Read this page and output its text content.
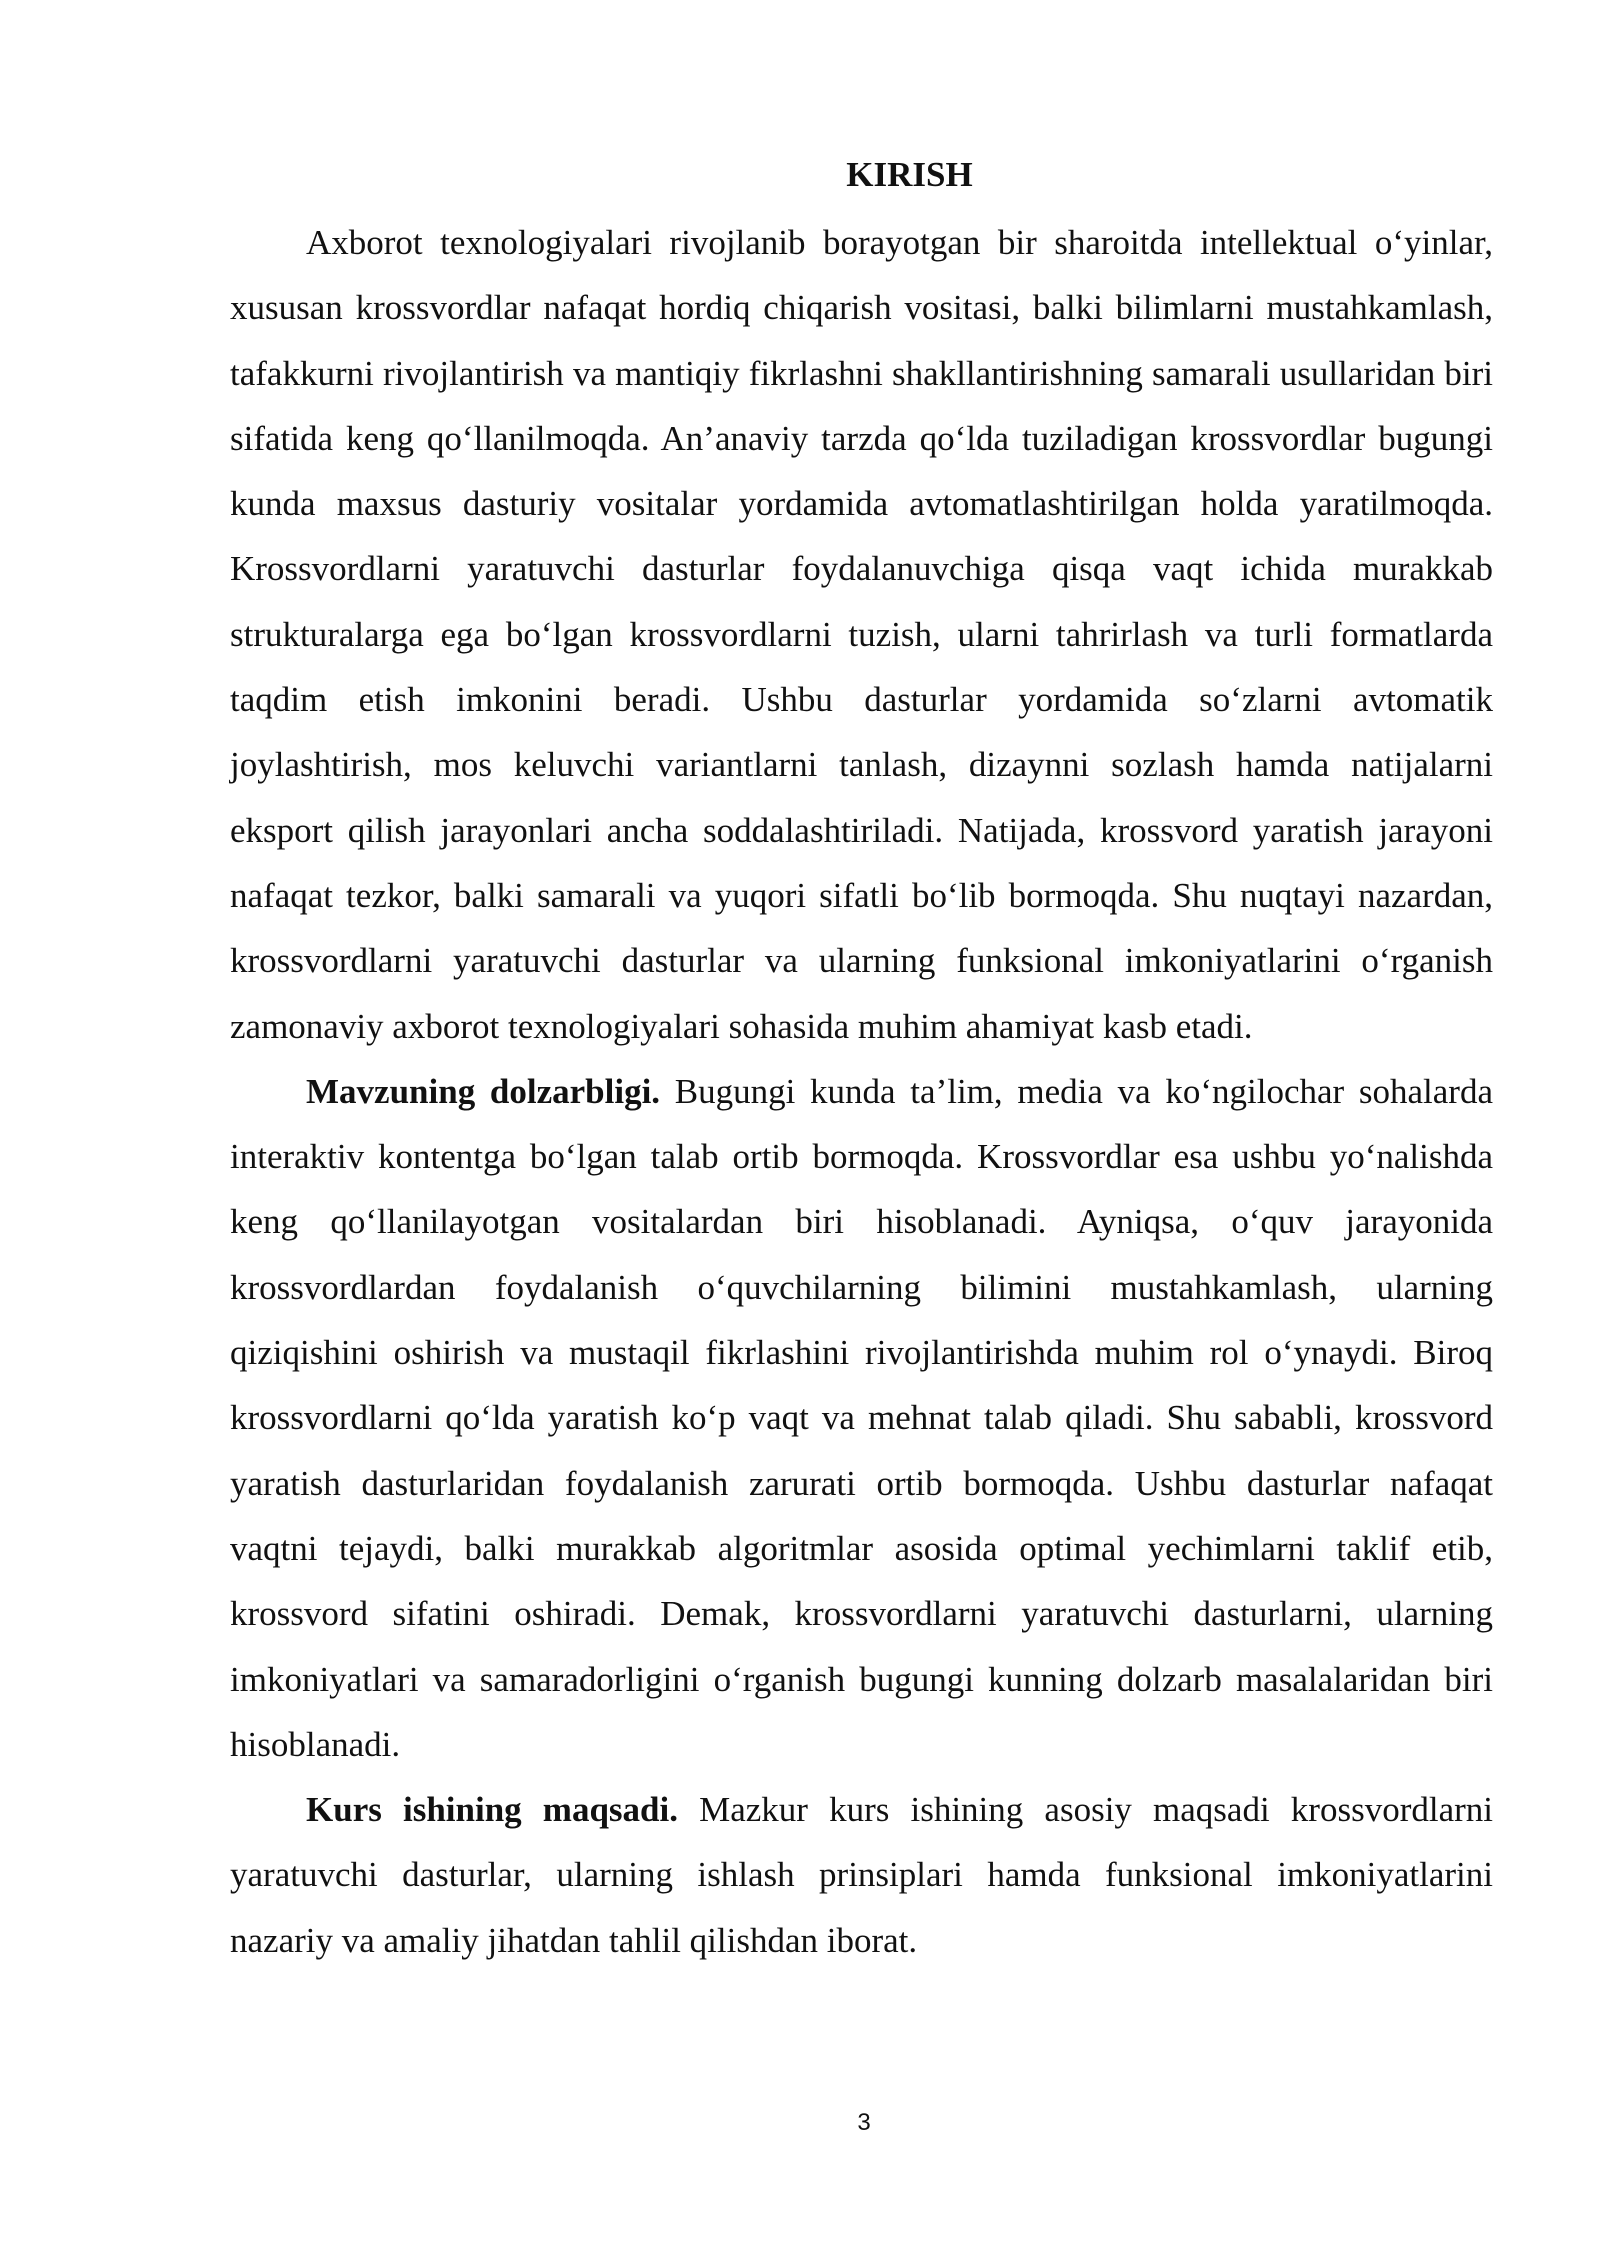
KIRISH

Axborot texnologiyalari rivojlanib borayotgan bir sharoitda intellektual o‘yinlar, xususan krossvordlar nafaqat hordiq chiqarish vositasi, balki bilimlarni mustahkamlash, tafakkurni rivojlantirish va mantiqiy fikrlashni shakllantirishning samarali usullaridan biri sifatida keng qo‘llanilmoqda. An’anaviy tarzda qo‘lda tuziladigan krossvordlar bugungi kunda maxsus dasturiy vositalar yordamida avtomatlashtirilgan holda yaratilmoqda. Krossvordlarni yaratuvchi dasturlar foydalanuvchiga qisqa vaqt ichida murakkab strukturalarga ega bo‘lgan krossvordlarni tuzish, ularni tahrirlash va turli formatlarda taqdim etish imkonini beradi. Ushbu dasturlar yordamida so‘zlarni avtomatik joylashtirish, mos keluvchi variantlarni tanlash, dizaynni sozlash hamda natijalarni eksport qilish jarayonlari ancha soddalashtiriladi. Natijada, krossvord yaratish jarayoni nafaqat tezkor, balki samarali va yuqori sifatli bo‘lib bormoqda. Shu nuqtayi nazardan, krossvordlarni yaratuvchi dasturlar va ularning funksional imkoniyatlarini o‘rganish zamonaviy axborot texnologiyalari sohasida muhim ahamiyat kasb etadi.

Mavzuning dolzarbligi. Bugungi kunda ta’lim, media va ko‘ngilochar sohalarda interaktiv kontentga bo‘lgan talab ortib bormoqda. Krossvordlar esa ushbu yo‘nalishda keng qo‘llanilayotgan vositalardan biri hisoblanadi. Ayniqsa, o‘quv jarayonida krossvordlardan foydalanish o‘quvchilarning bilimini mustahkamlash, ularning qiziqishini oshirish va mustaqil fikrlashini rivojlantirishda muhim rol o‘ynaydi. Biroq krossvordlarni qo‘lda yaratish ko‘p vaqt va mehnat talab qiladi. Shu sababli, krossvord yaratish dasturlaridan foydalanish zarurati ortib bormoqda. Ushbu dasturlar nafaqat vaqtni tejaydi, balki murakkab algoritmlar asosida optimal yechimlarni taklif etib, krossvord sifatini oshiradi. Demak, krossvordlarni yaratuvchi dasturlarni, ularning imkoniyatlari va samaradorligini o‘rganish bugungi kunning dolzarb masalalaridan biri hisoblanadi.

Kurs ishining maqsadi. Mazkur kurs ishining asosiy maqsadi krossvordlarni yaratuvchi dasturlar, ularning ishlash prinsiplari hamda funksional imkoniyatlarini nazariy va amaliy jihatdan tahlil qilishdan iborat.

3
